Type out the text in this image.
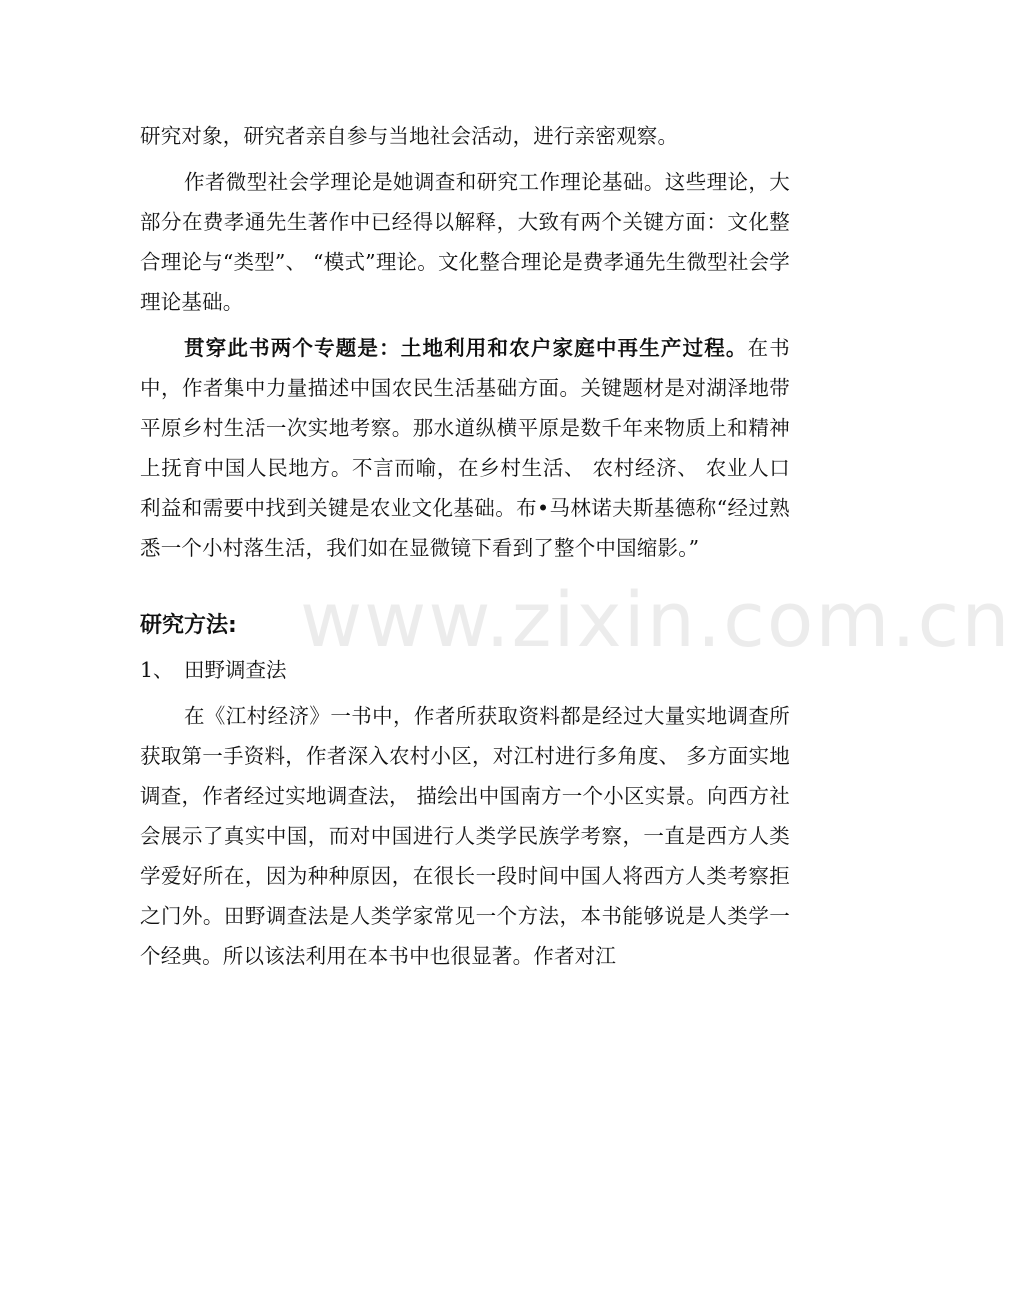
研究对象，研究者亲自参与当地社会活动，进行亲密观察。

作者微型社会学理论是她调查和研究工作理论基础。这些理论，大部分在费孝通先生著作中已经得以解释，大致有两个关键方面：文化整合理论与“类型”、 “模式”理论。文化整合理论是费孝通先生微型社会学理论基础。

贯穿此书两个专题是：土地利用和农户家庭中再生产过程。在书中，作者集中力量描述中国农民生活基础方面。关键题材是对湖泽地带平原乡村生活一次实地考察。那水道纵横平原是数千年来物质上和精神上抚育中国人民地方。不言而喻，在乡村生活、 农村经济、 农业人口利益和需要中找到关键是农业文化基础。布•马林诺夫斯基德称“经过熟悉一个小村落生活，我们如在显微镜下看到了整个中国缩影。”

研究方法:
1、 田野调查法

在《江村经济》一书中，作者所获取资料都是经过大量实地调查所获取第一手资料，作者深入农村小区，对江村进行多角度、 多方面实地调查，作者经过实地调查法， 描绘出中国南方一个小区实景。向西方社会展示了真实中国，而对中国进行人类学民族学考察，一直是西方人类学爱好所在，因为种种原因，在很长一段时间中国人将西方人类考察拒之门外。田野调查法是人类学家常见一个方法，本书能够说是人类学一个经典。所以该法利用在本书中也很显著。作者对江

www.zixin.com.cn
